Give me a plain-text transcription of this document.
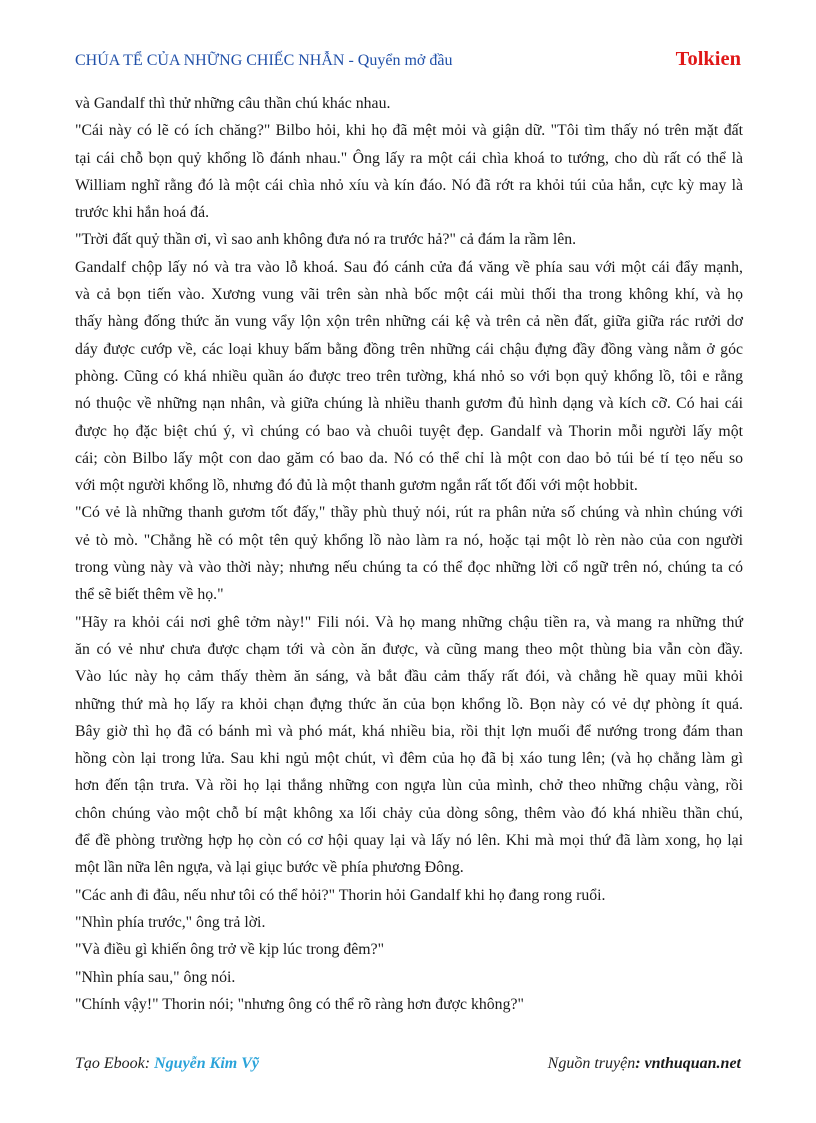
CHÚA TỂ CỦA NHỮNG CHIẾC NHẪN - Quyển mở đầu	Tolkien
và Gandalf thì thử những câu thần chú khác nhau.
"Cái này có lẽ có ích chăng?" Bilbo hỏi, khi họ đã mệt mỏi và giận dữ. "Tôi tìm thấy nó trên mặt đất
tại cái chỗ bọn quỷ khổng lồ đánh nhau." Ông lấy ra một cái chìa khoá to tướng, cho dù rất có thể là
William nghĩ rằng đó là một cái chìa nhỏ xíu và kín đáo. Nó đã rớt ra khỏi túi của hắn, cực kỳ may là
trước khi hắn hoá đá.
"Trời đất quỷ thần ơi, vì sao anh không đưa nó ra trước hả?" cả đám la rầm lên.
Gandalf chộp lấy nó và tra vào lỗ khoá. Sau đó cánh cửa đá văng về phía sau với một cái đẩy mạnh,
và cả bọn tiến vào. Xương vung vãi trên sàn nhà bốc một cái mùi thối tha trong không khí, và họ
thấy hàng đống thức ăn vung vẩy lộn xộn trên những cái kệ và trên cả nền đất, giữa giữa rác rưởi dơ
dáy được cướp về, các loại khuy bấm bằng đồng trên những cái chậu đựng đầy đồng vàng nằm ở góc
phòng. Cũng có khá nhiều quần áo được treo trên tường, khá nhỏ so với bọn quỷ khổng lồ, tôi e rằng
nó thuộc về những nạn nhân, và giữa chúng là nhiều thanh gươm đủ hình dạng và kích cỡ. Có hai cái
được họ đặc biệt chú ý, vì chúng có bao và chuôi tuyệt đẹp. Gandalf và Thorin mỗi người lấy một
cái; còn Bilbo lấy một con dao găm có bao da. Nó có thể chỉ là một con dao bỏ túi bé tí tẹo nếu so
với một người khổng lồ, nhưng đó đủ là một thanh gươm ngắn rất tốt đối với một hobbit.
"Có vẻ là những thanh gươm tốt đấy," thầy phù thuỷ nói, rút ra phân nửa số chúng và nhìn chúng với
vẻ tò mò. "Chẳng hề có một tên quỷ khổng lồ nào làm ra nó, hoặc tại một lò rèn nào của con người
trong vùng này và vào thời này; nhưng nếu chúng ta có thể đọc những lời cổ ngữ trên nó, chúng ta có
thể sẽ biết thêm về họ."
"Hãy ra khỏi cái nơi ghê tởm này!" Fili nói. Và họ mang những chậu tiền ra, và mang ra những thứ
ăn có vẻ như chưa được chạm tới và còn ăn được, và cũng mang theo một thùng bia vẫn còn đầy.
Vào lúc này họ cảm thấy thèm ăn sáng, và bắt đầu cảm thấy rất đói, và chẳng hề quay mũi khỏi
những thứ mà họ lấy ra khỏi chạn đựng thức ăn của bọn khổng lồ. Bọn này có vẻ dự phòng ít quá.
Bây giờ thì họ đã có bánh mì và phó mát, khá nhiều bia, rồi thịt lợn muối để nướng trong đám than
hồng còn lại trong lửa. Sau khi ngủ một chút, vì đêm của họ đã bị xáo tung lên; (và họ chẳng làm gì
hơn đến tận trưa. Và rồi họ lại thắng những con ngựa lùn của mình, chở theo những chậu vàng, rồi
chôn chúng vào một chỗ bí mật không xa lối chảy của dòng sông, thêm vào đó khá nhiều thần chú,
để đề phòng trường hợp họ còn có cơ hội quay lại và lấy nó lên. Khi mà mọi thứ đã làm xong, họ lại
một lần nữa lên ngựa, và lại giục bước về phía phương Đông.
"Các anh đi đâu, nếu như tôi có thể hỏi?" Thorin hỏi Gandalf khi họ đang rong ruổi.
"Nhìn phía trước," ông trả lời.
"Và điều gì khiến ông trở về kịp lúc trong đêm?"
"Nhìn phía sau," ông nói.
"Chính vậy!" Thorin nói; "nhưng ông có thể rõ ràng hơn được không?"
Tạo Ebook: Nguyễn Kim Vỹ	Nguồn truyện: vnthuquan.net
